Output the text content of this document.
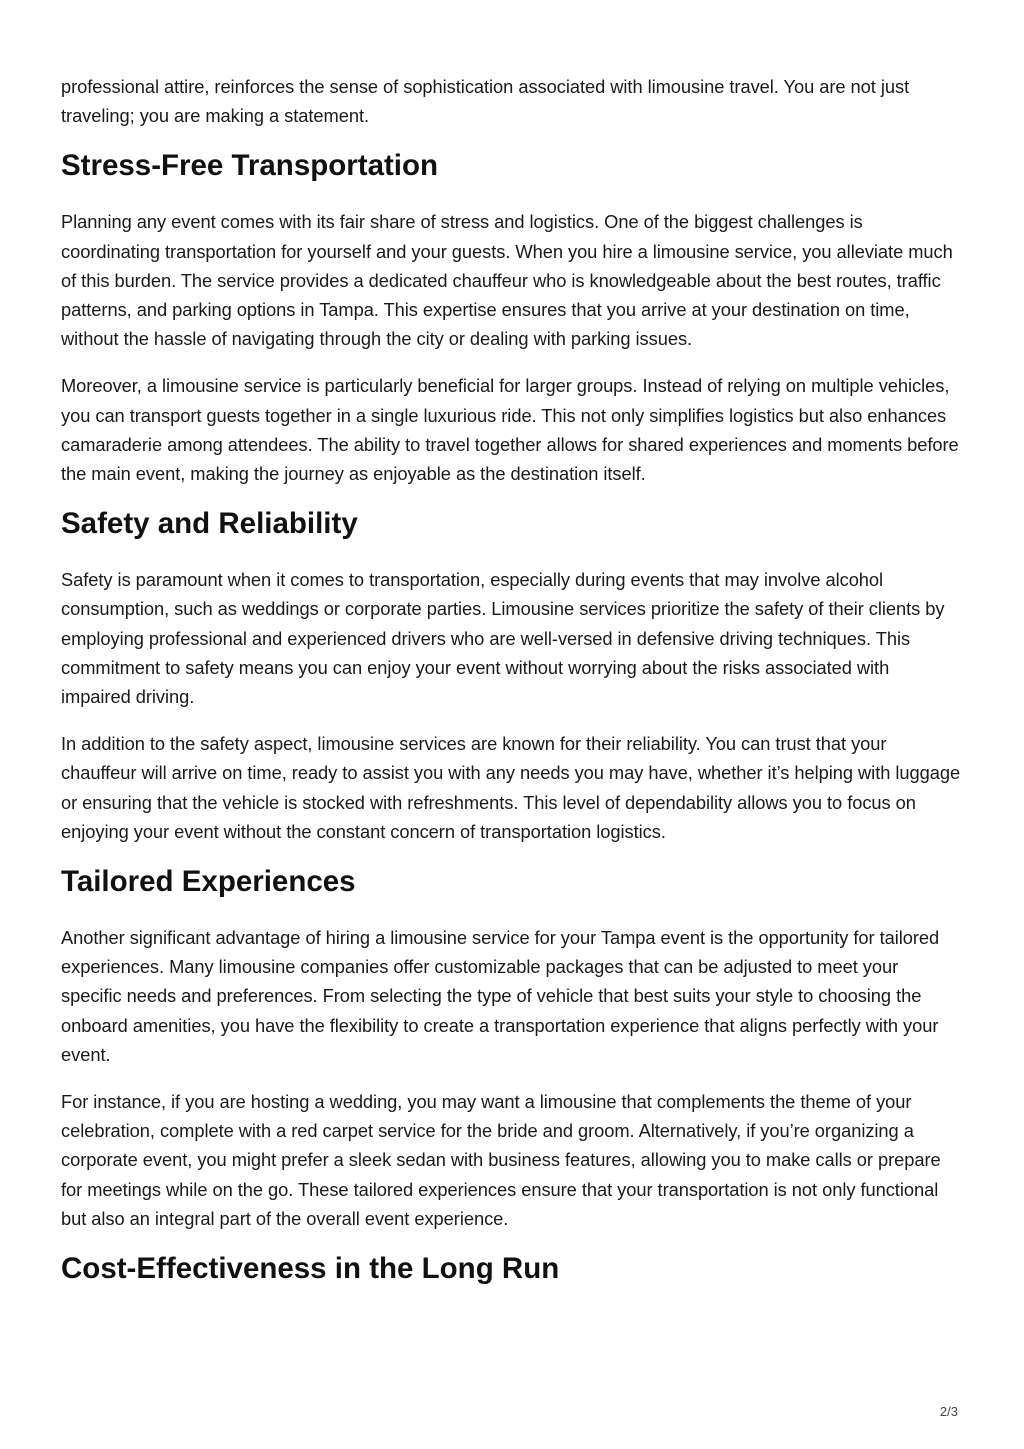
professional attire, reinforces the sense of sophistication associated with limousine travel. You are not just traveling; you are making a statement.

Stress-Free Transportation

Planning any event comes with its fair share of stress and logistics. One of the biggest challenges is coordinating transportation for yourself and your guests. When you hire a limousine service, you alleviate much of this burden. The service provides a dedicated chauffeur who is knowledgeable about the best routes, traffic patterns, and parking options in Tampa. This expertise ensures that you arrive at your destination on time, without the hassle of navigating through the city or dealing with parking issues.

Moreover, a limousine service is particularly beneficial for larger groups. Instead of relying on multiple vehicles, you can transport guests together in a single luxurious ride. This not only simplifies logistics but also enhances camaraderie among attendees. The ability to travel together allows for shared experiences and moments before the main event, making the journey as enjoyable as the destination itself.

Safety and Reliability

Safety is paramount when it comes to transportation, especially during events that may involve alcohol consumption, such as weddings or corporate parties. Limousine services prioritize the safety of their clients by employing professional and experienced drivers who are well-versed in defensive driving techniques. This commitment to safety means you can enjoy your event without worrying about the risks associated with impaired driving.

In addition to the safety aspect, limousine services are known for their reliability. You can trust that your chauffeur will arrive on time, ready to assist you with any needs you may have, whether it’s helping with luggage or ensuring that the vehicle is stocked with refreshments. This level of dependability allows you to focus on enjoying your event without the constant concern of transportation logistics.

Tailored Experiences

Another significant advantage of hiring a limousine service for your Tampa event is the opportunity for tailored experiences. Many limousine companies offer customizable packages that can be adjusted to meet your specific needs and preferences. From selecting the type of vehicle that best suits your style to choosing the onboard amenities, you have the flexibility to create a transportation experience that aligns perfectly with your event.

For instance, if you are hosting a wedding, you may want a limousine that complements the theme of your celebration, complete with a red carpet service for the bride and groom. Alternatively, if you’re organizing a corporate event, you might prefer a sleek sedan with business features, allowing you to make calls or prepare for meetings while on the go. These tailored experiences ensure that your transportation is not only functional but also an integral part of the overall event experience.

Cost-Effectiveness in the Long Run
2/3
